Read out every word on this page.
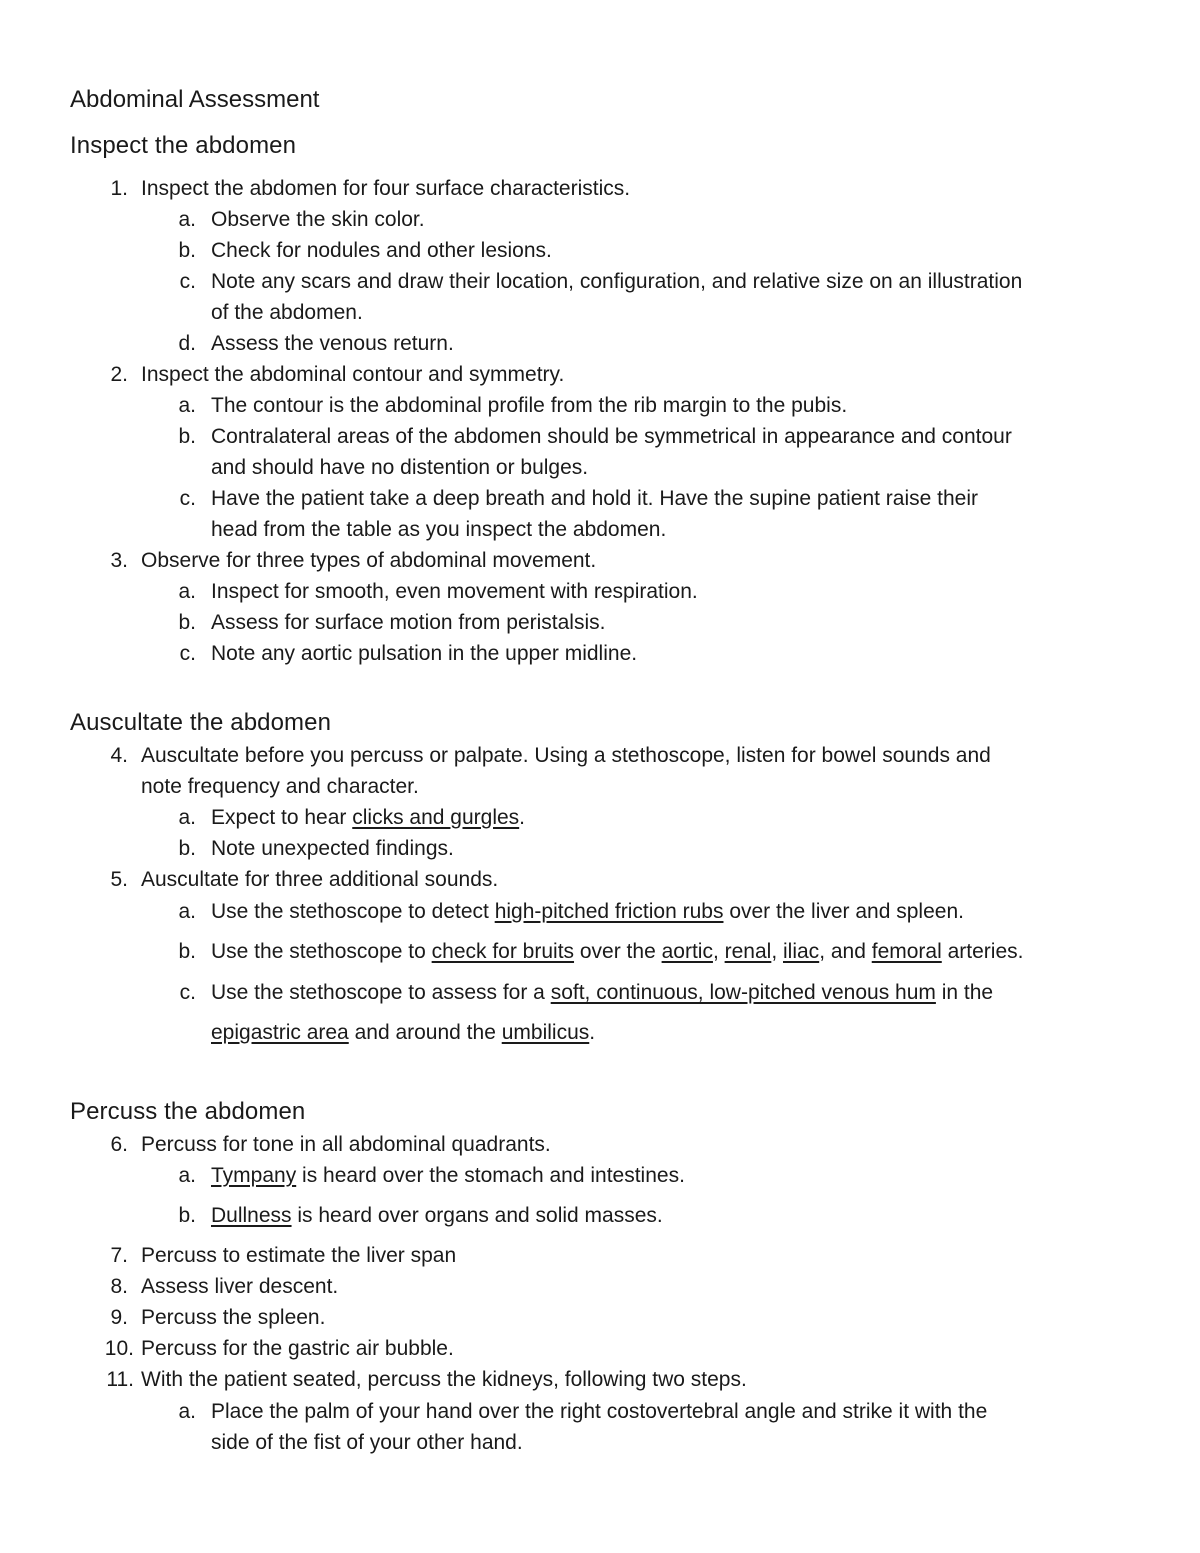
Abdominal Assessment
Inspect the abdomen
1. Inspect the abdomen for four surface characteristics.
a. Observe the skin color.
b. Check for nodules and other lesions.
c. Note any scars and draw their location, configuration, and relative size on an illustration
of the abdomen.
d. Assess the venous return.
2. Inspect the abdominal contour and symmetry.
a. The contour is the abdominal profile from the rib margin to the pubis.
b. Contralateral areas of the abdomen should be symmetrical in appearance and contour
and should have no distention or bulges.
c. Have the patient take a deep breath and hold it. Have the supine patient raise their
head from the table as you inspect the abdomen.
3. Observe for three types of abdominal movement.
a. Inspect for smooth, even movement with respiration.
b. Assess for surface motion from peristalsis.
c. Note any aortic pulsation in the upper midline.
Auscultate the abdomen
4. Auscultate before you percuss or palpate. Using a stethoscope, listen for bowel sounds and
note frequency and character.
a. Expect to hear clicks and gurgles.
b. Note unexpected findings.
5. Auscultate for three additional sounds.
a. Use the stethoscope to detect high-pitched friction rubs over the liver and spleen.
b. Use the stethoscope to check for bruits over the aortic, renal, iliac, and femoral arteries.
c. Use the stethoscope to assess for a soft, continuous, low-pitched venous hum in the
epigastric area and around the umbilicus.
Percuss the abdomen
6. Percuss for tone in all abdominal quadrants.
a. Tympany is heard over the stomach and intestines.
b. Dullness is heard over organs and solid masses.
7. Percuss to estimate the liver span
8. Assess liver descent.
9. Percuss the spleen.
10. Percuss for the gastric air bubble.
11. With the patient seated, percuss the kidneys, following two steps.
a. Place the palm of your hand over the right costovertebral angle and strike it with the
side of the fist of your other hand.
